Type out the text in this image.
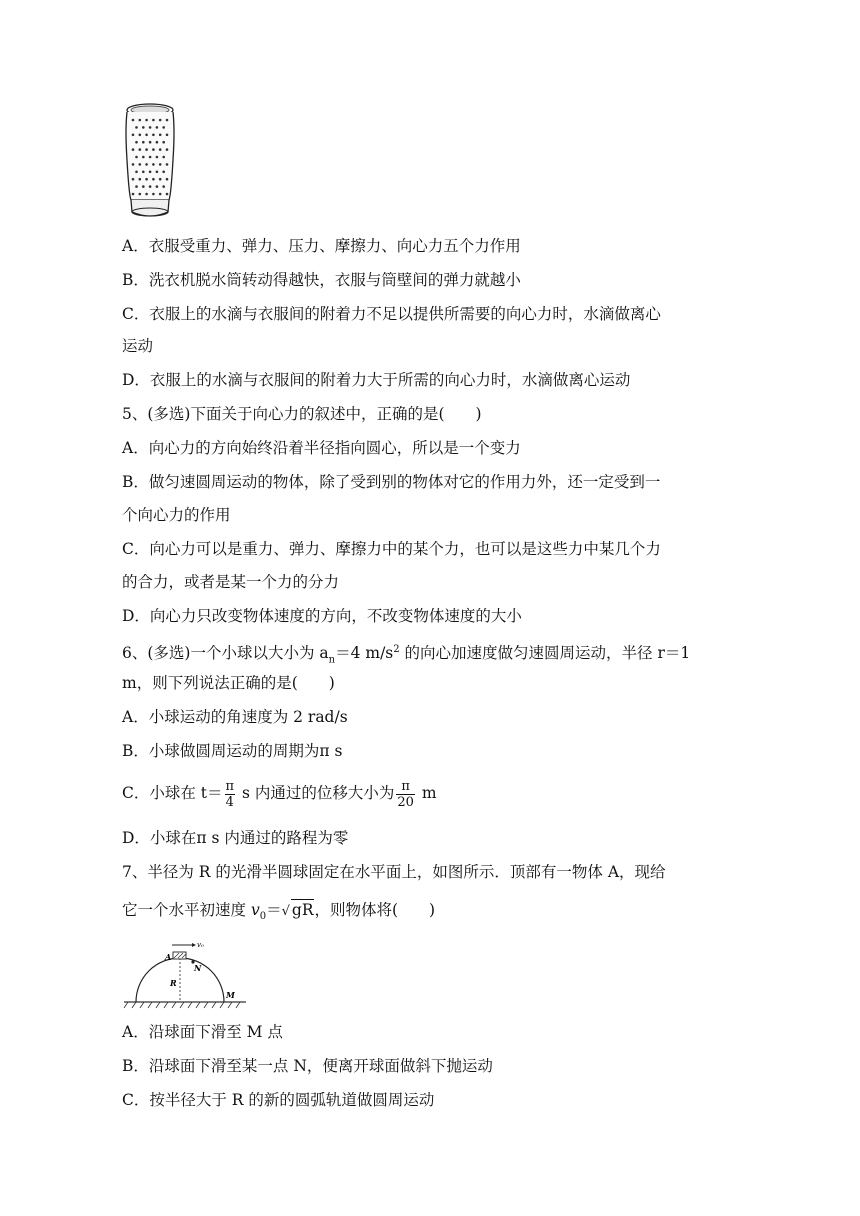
A．衣服受重力、弹力、压力、摩擦力、向心力五个力作用
B．洗衣机脱水筒转动得越快，衣服与筒壁间的弹力就越小
C．衣服上的水滴与衣服间的附着力不足以提供所需要的向心力时，水滴做离心
运动
D．衣服上的水滴与衣服间的附着力大于所需的向心力时，水滴做离心运动
5、(多选)下面关于向心力的叙述中，正确的是(　　)
A．向心力的方向始终沿着半径指向圆心，所以是一个变力
B．做匀速圆周运动的物体，除了受到别的物体对它的作用力外，还一定受到一
个向心力的作用
C．向心力可以是重力、弹力、摩擦力中的某个力，也可以是这些力中某几个力
的合力，或者是某一个力的分力
D．向心力只改变物体速度的方向，不改变物体速度的大小
6、(多选)一个小球以大小为 $a_n=4$ $m/s^2$ 的向心加速度做匀速圆周运动，半径 r＝1
m，则下列说法正确的是(　　)
A．小球运动的角速度为 2 rad/s
B．小球做圆周运动的周期为π s
C．小球在 $t= \frac{\pi}{4}$ s 内通过的位移大小为 $\frac{\pi}{20}$ m
D．小球在π s 内通过的路程为零
7、半径为 R 的光滑半圆球固定在水平面上，如图所示．顶部有一物体 A，现给
它一个水平初速度 $v_0=√$ gR，则物体将(　　)
v₀
A
N
R
M
A．沿球面下滑至 M 点
B．沿球面下滑至某一点 N，便离开球面做斜下抛运动
C．按半径大于 R 的新的圆弧轨道做圆周运动
